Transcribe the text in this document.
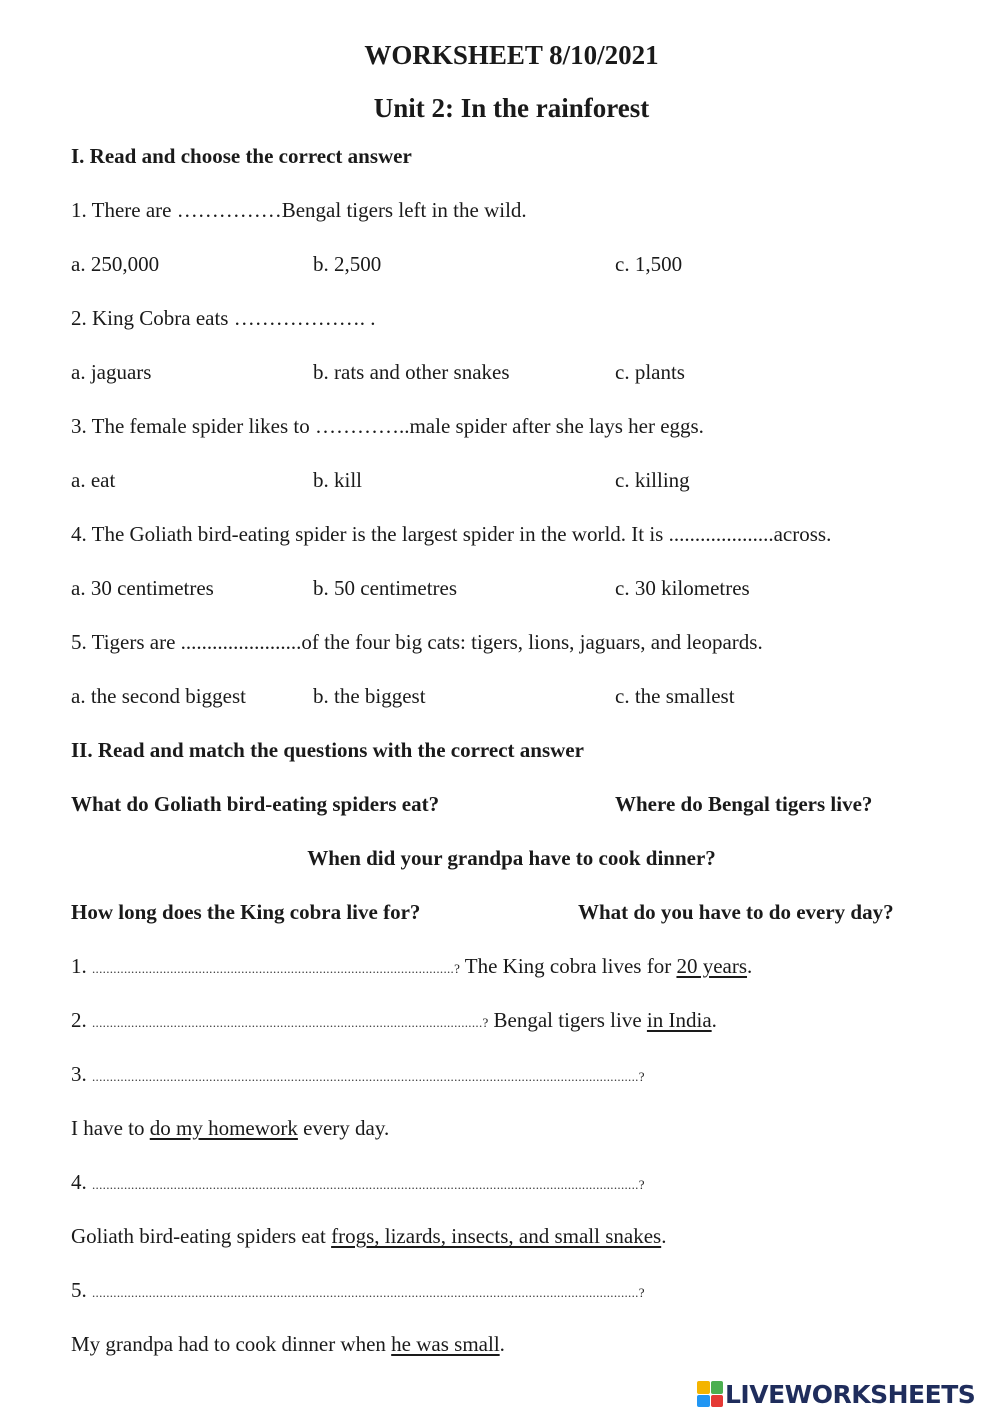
WORKSHEET 8/10/2021
Unit 2: In the rainforest
I. Read and choose the correct answer
1. There are ……………Bengal tigers left in the wild.
a. 250,000	b. 2,500	c. 1,500
2. King Cobra eats ………………. .
a. jaguars	b. rats and other snakes	c. plants
3. The female spider likes to …………..male spider after she lays her eggs.
a. eat	b. kill	c. killing
4. The Goliath bird-eating spider is the largest spider in the world. It is ....................across.
a. 30 centimetres	b. 50 centimetres	c. 30 kilometres
5. Tigers are .......................of the four big cats: tigers, lions, jaguars, and leopards.
a. the second biggest	b. the biggest	c. the smallest
II. Read and match the questions with the correct answer
What do Goliath bird-eating spiders eat?	Where do Bengal tigers live?
When did your grandpa have to cook dinner?
How long does the King cobra live for?	What do you have to do every day?
1. ......................................................................................................? The King cobra lives for 20 years.
2. ..............................................................................................................? Bengal tigers live in India.
3. ..........................................................................................................................................................?
I have to do my homework every day.
4. ..........................................................................................................................................................?
Goliath bird-eating spiders eat frogs, lizards, insects, and small snakes.
5. ..........................................................................................................................................................?
My grandpa had to cook dinner when he was small.
LIVEWORKSHEETS
